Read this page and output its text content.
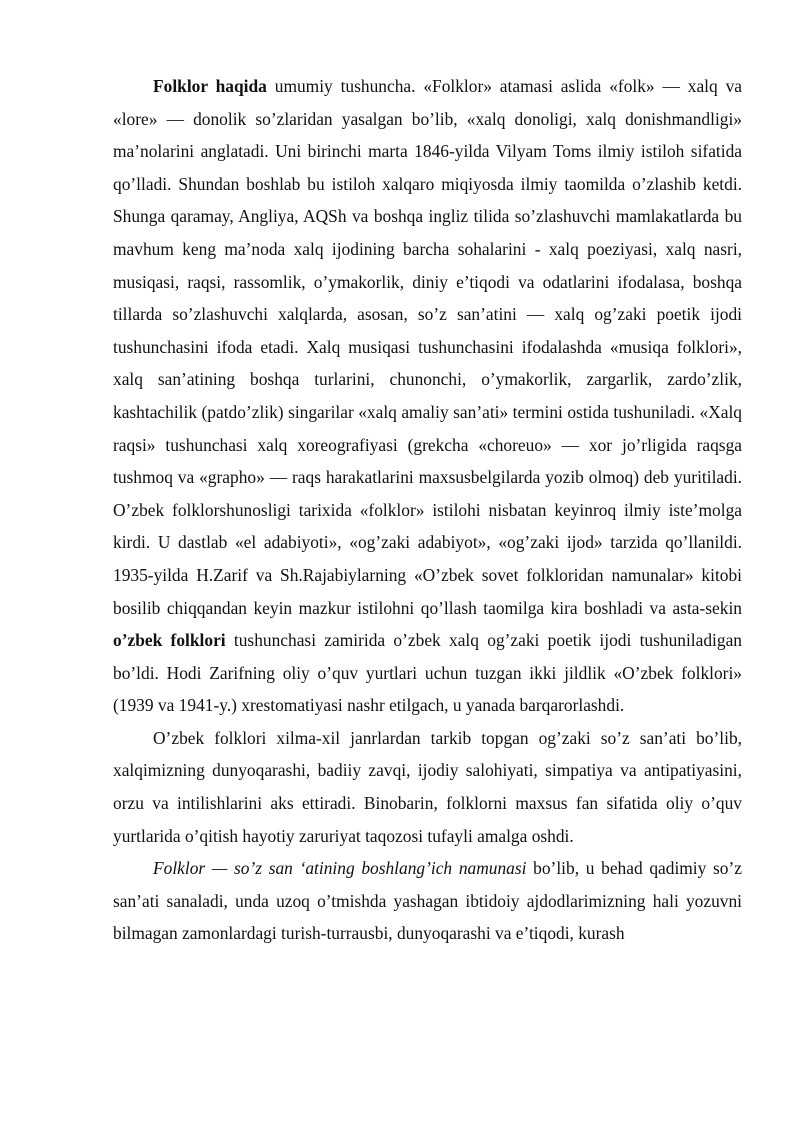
Folklor haqida umumiy tushuncha. «Folklor» atamasi aslida «folk» — xalq va «lore» — donolik so’zlaridan yasalgan bo’lib, «xalq donoligi, xalq donishmandligi» ma’nolarini anglatadi. Uni birinchi marta 1846-yilda Vilyam Toms ilmiy istiloh sifatida qo’lladi. Shundan boshlab bu istiloh xalqaro miqiyosda ilmiy taomilda o’zlashib ketdi. Shunga qaramay, Angliya, AQSh va boshqa ingliz tilida so’zlashuvchi mamlakatlarda bu mavhum keng ma’noda xalq ijodining barcha sohalarini - xalq poeziyasi, xalq nasri, musiqasi, raqsi, rassomlik, o’ymakorlik, diniy e’tiqodi va odatlarini ifodalasa, boshqa tillarda so’zlashuvchi xalqlarda, asosan, so’z san’atini — xalq og’zaki poetik ijodi tushunchasini ifoda etadi. Xalq musiqasi tushunchasini ifodalashda «musiqa folklori», xalq san’atining boshqa turlarini, chunonchi, o’ymakorlik, zargarlik, zardo’zlik, kashtachilik (patdo’zlik) singarilar «xalq amaliy san’ati» termini ostida tushuniladi. «Xalq raqsi» tushunchasi xalq xoreografiyasi (grekcha «choreuo» — xor jo’rligida raqsga tushmoq va «grapho» — raqs harakatlarini maxsusbelgilarda yozib olmoq) deb yuritiladi. O’zbek folklorshunosligi tarixida «folklor» istilohi nisbatan keyinroq ilmiy iste’molga kirdi. U dastlab «el adabiyoti», «og’zaki adabiyot», «og’zaki ijod» tarzida qo’llanildi. 1935-yilda H.Zarif va Sh.Rajabiylarning «O’zbek sovet folkloridan namunalar» kitobi bosilib chiqqandan keyin mazkur istilohni qo’llash taomilga kira boshladi va asta-sekin o’zbek folklori tushunchasi zamirida o’zbek xalq og’zaki poetik ijodi tushuniladigan bo’ldi. Hodi Zarifning oliy o’quv yurtlari uchun tuzgan ikki jildlik «O’zbek folklori» (1939 va 1941-y.) xrestomatiyasi nashr etilgach, u yanada barqarorlashdi.

O’zbek folklori xilma-xil janrlardan tarkib topgan og’zaki so’z san’ati bo’lib, xalqimizning dunyoqarashi, badiiy zavqi, ijodiy salohiyati, simpatiya va antipatiyasini, orzu va intilishlarini aks ettiradi. Binobarin, folklorni maxsus fan sifatida oliy o’quv yurtlarida o’qitish hayotiy zaruriyat taqozosi tufayli amalga oshdi.

Folklor — so’z san ‘atining boshlang’ich namunasi bo’lib, u behad qadimiy so’z san’ati sanaladi, unda uzoq o’tmishda yashagan ibtidoiy ajdodlarimizning hali yozuvni bilmagan zamonlardagi turish-turrausbi, dunyoqarashi va e’tiqodi, kurash
